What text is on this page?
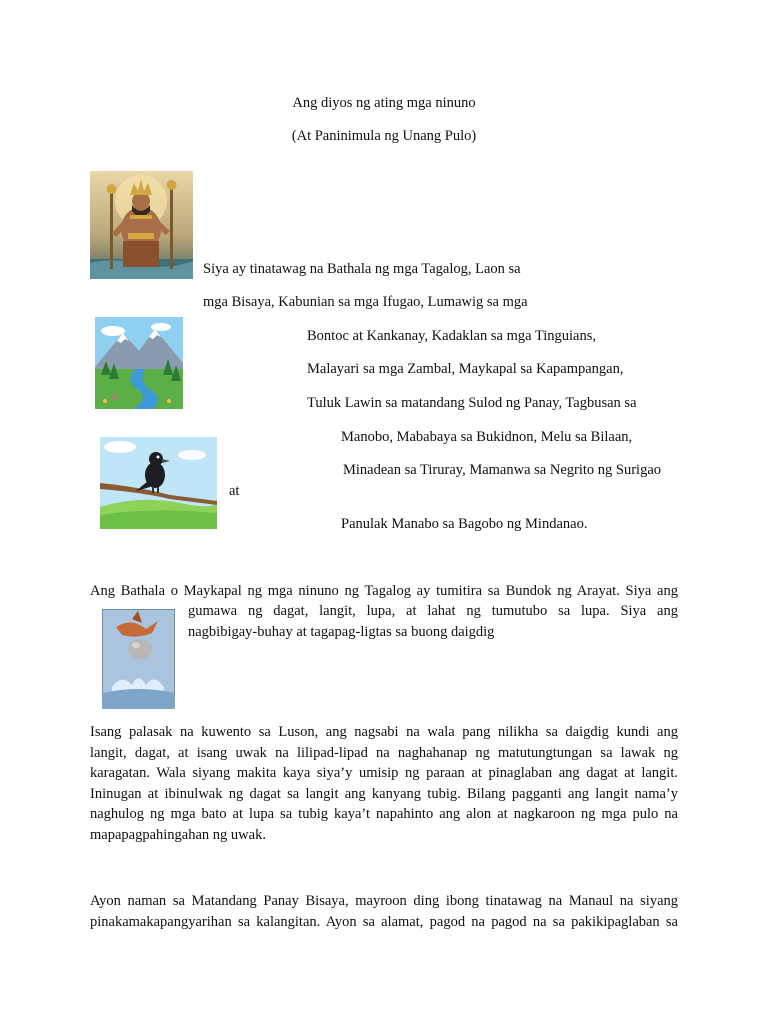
Ang diyos ng ating mga ninuno
(At Paninimula ng Unang Pulo)
Siya ay tinatawag na Bathala ng mga Tagalog, Laon sa
mga Bisaya, Kabunian sa mga Ifugao, Lumawig sa mga
Bontoc at Kankanay, Kadaklan sa mga Tinguians,
Malayari sa mga Zambal, Maykapal sa Kapampangan,
Tuluk Lawin sa matandang Sulod ng Panay, Tagbusan sa
Manobo, Mababaya sa Bukidnon, Melu sa Bilaan,
Minadean sa Tiruray, Mamanwa sa Negrito ng Surigao
at
Panulak Manabo sa Bagobo ng Mindanao.
Ang Bathala o Maykapal ng mga ninuno ng Tagalog ay tumitira sa Bundok ng Arayat. Siya ang
gumawa ng dagat, langit, lupa, at lahat ng tumutubo sa lupa. Siya ang
nagbibigay-buhay at tagapag-ligtas sa buong daigdig
Isang palasak na kuwento sa Luson, ang nagsabi na wala pang nilikha sa daigdig kundi ang
langit, dagat, at isang uwak na lilipad-lipad na naghahanap ng matutungtungan sa lawak ng
karagatan. Wala siyang makita kaya siya’y umisip ng paraan at pinaglaban ang dagat at langit.
Ininugan at ibinulwak ng dagat sa langit ang kanyang tubig. Bilang pagganti ang langit nama’y
naghulog ng mga bato at lupa sa tubig kaya’t napahinto ang alon at nagkaroon ng mga pulo na
mapapagpahingahan ng uwak.
Ayon naman sa Matandang Panay Bisaya, mayroon ding ibong tinatawag na Manaul na siyang
pinakamakapangyarihan sa kalangitan. Ayon sa alamat, pagod na pagod na sa pakikipaglaban sa
